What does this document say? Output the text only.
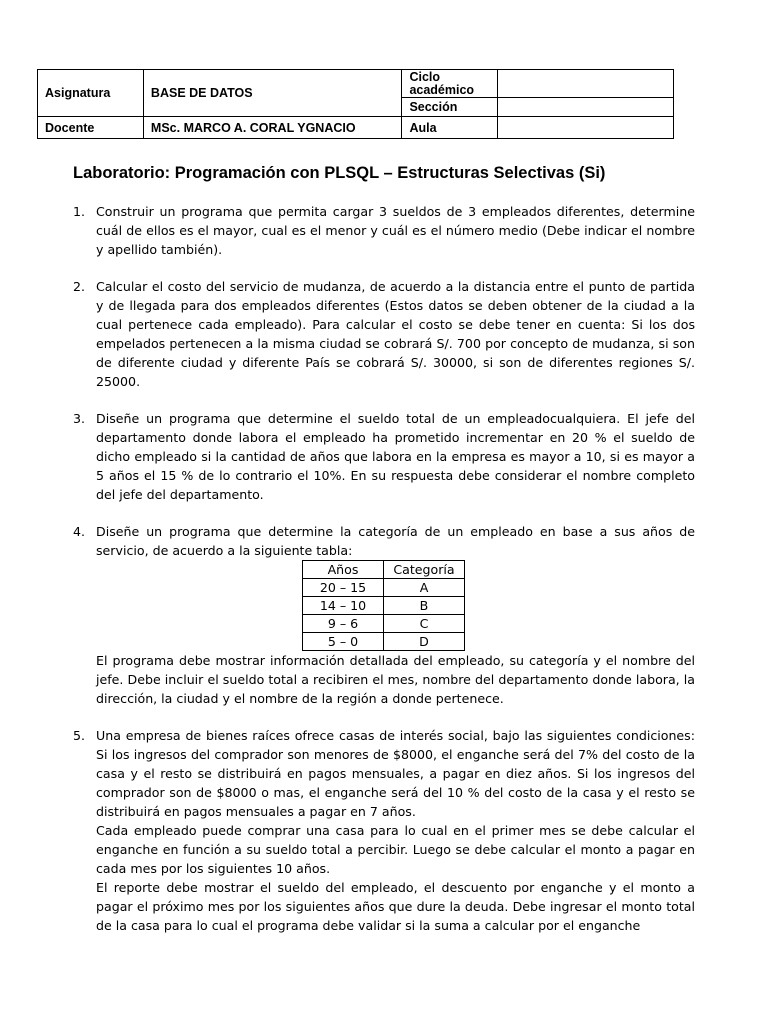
Asignatura	BASE DE DATOS	Ciclo
académico	
		Sección	
Docente	MSc. MARCO A. CORAL YGNACIO	Aula	
Laboratorio: Programación con PLSQL – Estructuras Selectivas (Si)
1. Construir un programa que permita cargar 3 sueldos de 3 empleados diferentes, determine cuál de ellos es el mayor, cual es el menor y cuál es el número medio (Debe indicar el nombre y apellido también).

2. Calcular el costo del servicio de mudanza, de acuerdo a la distancia entre el punto de partida y de llegada para dos empleados diferentes (Estos datos se deben obtener de la ciudad a la cual pertenece cada empleado). Para calcular el costo se debe tener en cuenta: Si los dos empelados pertenecen a la misma ciudad se cobrará S/. 700 por concepto de mudanza, si son de diferente ciudad y diferente País se cobrará S/. 30000, si son de diferentes regiones S/. 25000.

3. Diseñe un programa que determine el sueldo total de un empleadocualquiera. El jefe del departamento donde labora el empleado ha prometido incrementar en 20 % el sueldo de dicho empleado si la cantidad de años que labora en la empresa es mayor a 10, si es mayor a 5 años el 15 % de lo contrario el 10%. En su respuesta debe considerar el nombre completo del jefe del departamento.

4. Diseñe un programa que determine la categoría de un empleado en base a sus años de servicio, de acuerdo a la siguiente tabla:

Años	Categoría
20 – 15	A
14 – 10	B
9 – 6	C
5 – 0	D

El programa debe mostrar información detallada del empleado, su categoría y el nombre del jefe. Debe incluir el sueldo total a recibiren el mes, nombre del departamento donde labora, la dirección, la ciudad y el nombre de la región a donde pertenece.

5. Una empresa de bienes raíces ofrece casas de interés social, bajo las siguientes condiciones: Si los ingresos del comprador son menores de $8000, el enganche será del 7% del costo de la casa y el resto se distribuirá en pagos mensuales, a pagar en diez años. Si los ingresos del comprador son de $8000 o mas, el enganche será del 10 % del costo de la casa y el resto se distribuirá en pagos mensuales a pagar en 7 años.

Cada empleado puede comprar una casa para lo cual en el primer mes se debe calcular el enganche en función a su sueldo total a percibir. Luego se debe calcular el monto a pagar en cada mes por los siguientes 10 años.

El reporte debe mostrar el sueldo del empleado, el descuento por enganche y el monto a pagar el próximo mes por los siguientes años que dure la deuda. Debe ingresar el monto total de la casa para lo cual el programa debe validar si la suma a calcular por el enganche
